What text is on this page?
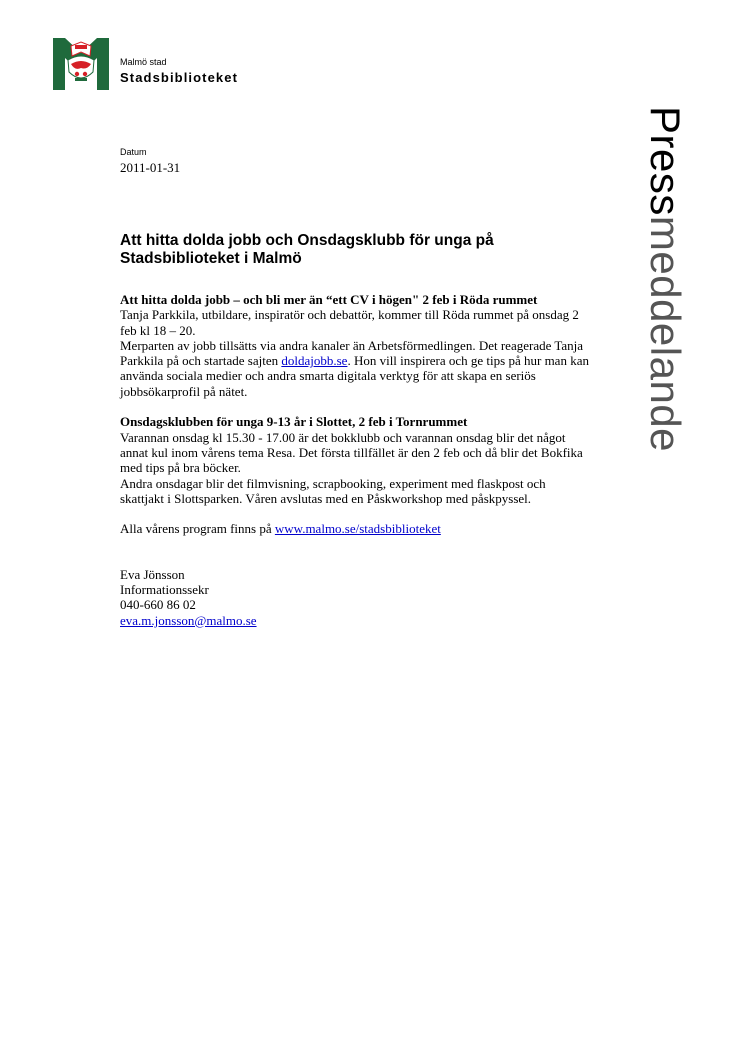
Malmö stad
Stadsbiblioteket
Pressmeddelande
Datum
2011-01-31
Att hitta dolda jobb och Onsdagsklubb för unga på Stadsbiblioteket i Malmö

Att hitta dolda jobb – och bli mer än “ett CV i högen" 2 feb i Röda rummet

Tanja Parkkila, utbildare, inspiratör och debattör, kommer till Röda rummet på onsdag 2 feb kl 18 – 20.

Merparten av jobb tillsätts via andra kanaler än Arbetsförmedlingen. Det reagerade Tanja Parkkila på och startade sajten doldajobb.se. Hon vill inspirera och ge tips på hur man kan använda sociala medier och andra smarta digitala verktyg för att skapa en seriös jobbsökarprofil på nätet.

Onsdagsklubben för unga 9-13 år i Slottet, 2 feb i Tornrummet

Varannan onsdag kl 15.30 - 17.00 är det bokklubb och varannan onsdag blir det något annat kul inom vårens tema Resa. Det första tillfället är den 2 feb och då blir det Bokfika med tips på bra böcker.

Andra onsdagar blir det filmvisning, scrapbooking, experiment med flaskpost och skattjakt i Slottsparken. Våren avslutas med en Påskworkshop med påskpyssel.

Alla vårens program finns på www.malmo.se/stadsbiblioteket

Eva Jönsson

Informationssekr

040-660 86 02

eva.m.jonsson@malmo.se
